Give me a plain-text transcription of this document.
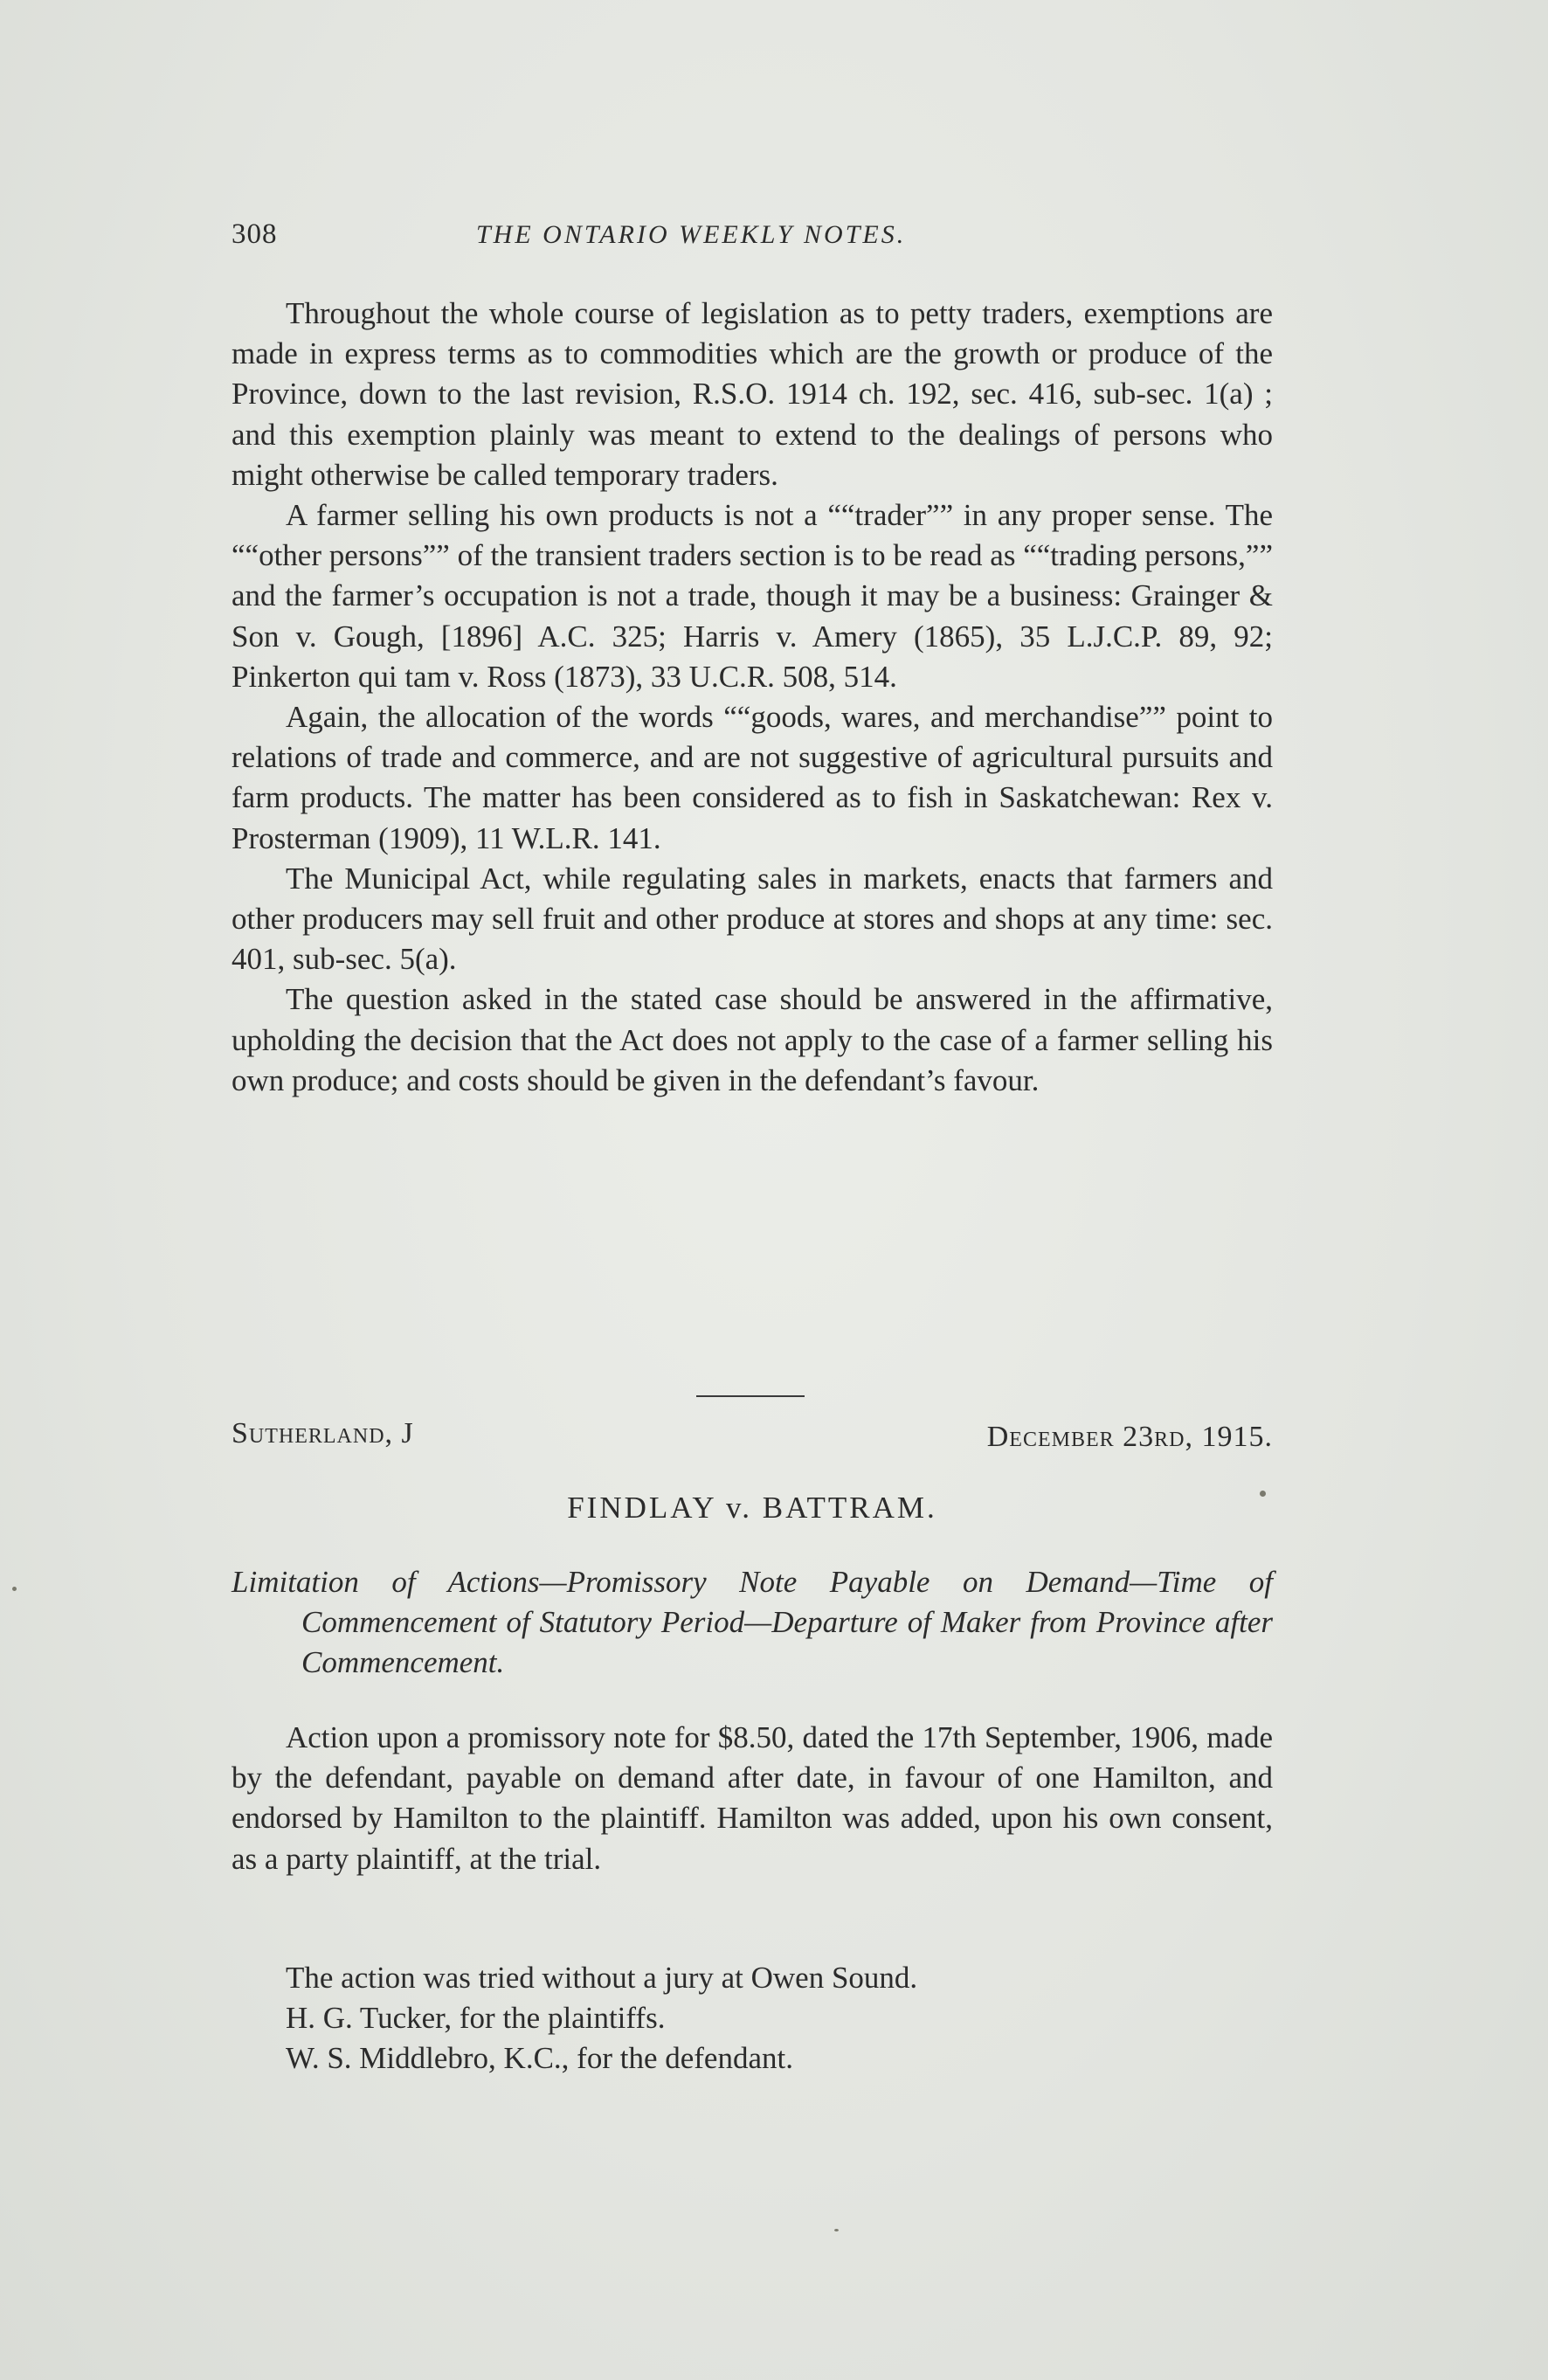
308	THE ONTARIO WEEKLY NOTES.

Throughout the whole course of legislation as to petty traders, exemptions are made in express terms as to commodities which are the growth or produce of the Province, down to the last revision, R.S.O. 1914 ch. 192, sec. 416, sub-sec. 1(a) ; and this exemption plainly was meant to extend to the dealings of persons who might otherwise be called temporary traders.

A farmer selling his own products is not a ““trader”” in any proper sense. The ““other persons”” of the transient traders section is to be read as ““trading persons,”” and the farmer’s occupation is not a trade, though it may be a business: Grainger & Son v. Gough, [1896] A.C. 325; Harris v. Amery (1865), 35 L.J.C.P. 89, 92; Pinkerton qui tam v. Ross (1873), 33 U.C.R. 508, 514.

Again, the allocation of the words ““goods, wares, and merchandise”” point to relations of trade and commerce, and are not suggestive of agricultural pursuits and farm products. The matter has been considered as to fish in Saskatchewan: Rex v. Prosterman (1909), 11 W.L.R. 141.

The Municipal Act, while regulating sales in markets, enacts that farmers and other producers may sell fruit and other produce at stores and shops at any time: sec. 401, sub-sec. 5(a).

The question asked in the stated case should be answered in the affirmative, upholding the decision that the Act does not apply to the case of a farmer selling his own produce; and costs should be given in the defendant’s favour.

Sutherland, J	December 23rd, 1915.
FINDLAY v. BATTRAM.
Limitation of Actions—Promissory Note Payable on Demand—Time of Commencement of Statutory Period—Departure of Maker from Province after Commencement.

Action upon a promissory note for $8.50, dated the 17th September, 1906, made by the defendant, payable on demand after date, in favour of one Hamilton, and endorsed by Hamilton to the plaintiff. Hamilton was added, upon his own consent, as a party plaintiff, at the trial.

The action was tried without a jury at Owen Sound.

H. G. Tucker, for the plaintiffs.

W. S. Middlebro, K.C., for the defendant.
